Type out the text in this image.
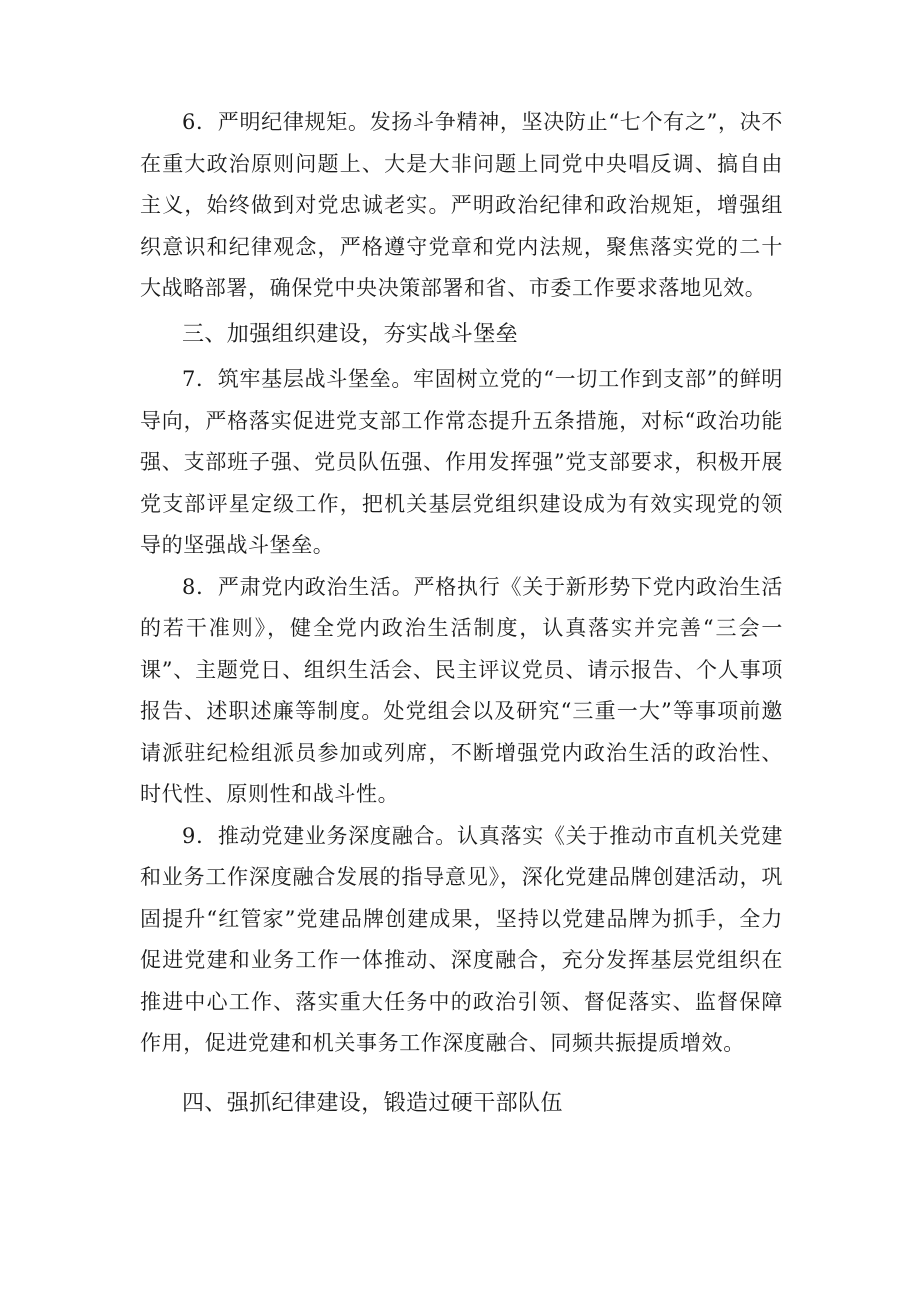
6．严明纪律规矩。发扬斗争精神，坚决防止“七个有之”，决不在重大政治原则问题上、大是大非问题上同党中央唱反调、搞自由主义，始终做到对党忠诚老实。严明政治纪律和政治规矩，增强组织意识和纪律观念，严格遵守党章和党内法规，聚焦落实党的二十大战略部署，确保党中央决策部署和省、市委工作要求落地见效。

三、加强组织建设，夯实战斗堡垒

7．筑牢基层战斗堡垒。牢固树立党的“一切工作到支部”的鲜明导向，严格落实促进党支部工作常态提升五条措施，对标“政治功能强、支部班子强、党员队伍强、作用发挥强”党支部要求，积极开展党支部评星定级工作，把机关基层党组织建设成为有效实现党的领导的坚强战斗堡垒。

8．严肃党内政治生活。严格执行《关于新形势下党内政治生活的若干准则》，健全党内政治生活制度，认真落实并完善“三会一课”、主题党日、组织生活会、民主评议党员、请示报告、个人事项报告、述职述廉等制度。处党组会以及研究“三重一大”等事项前邀请派驻纪检组派员参加或列席，不断增强党内政治生活的政治性、时代性、原则性和战斗性。

9．推动党建业务深度融合。认真落实《关于推动市直机关党建和业务工作深度融合发展的指导意见》，深化党建品牌创建活动，巩固提升“红管家”党建品牌创建成果，坚持以党建品牌为抓手，全力促进党建和业务工作一体推动、深度融合，充分发挥基层党组织在推进中心工作、落实重大任务中的政治引领、督促落实、监督保障作用，促进党建和机关事务工作深度融合、同频共振提质增效。

四、强抓纪律建设，锻造过硬干部队伍
